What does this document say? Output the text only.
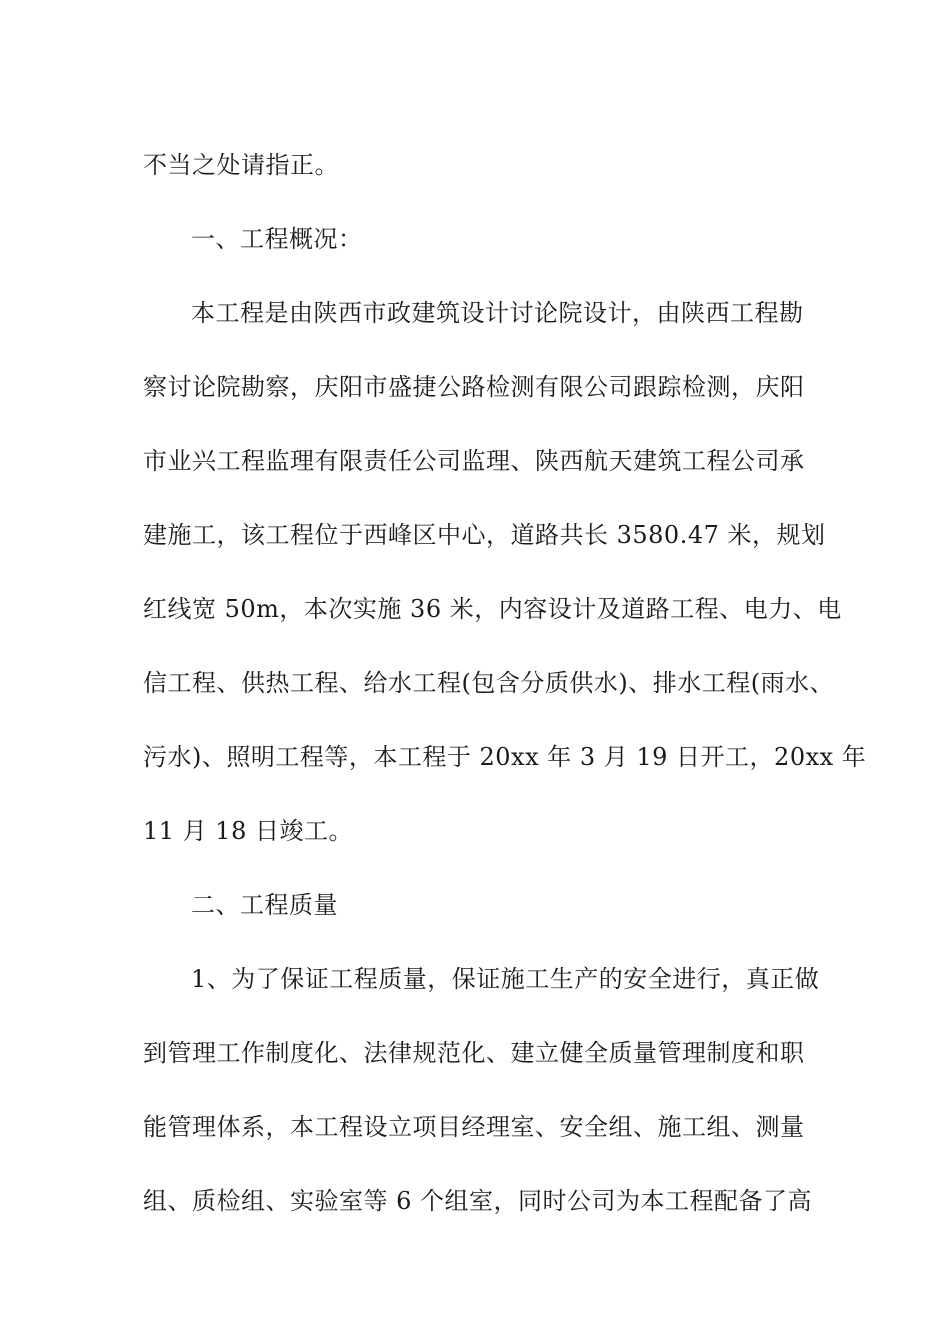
不当之处请指正。
一、工程概况：
本工程是由陕西市政建筑设计讨论院设计，由陕西工程勘
察讨论院勘察，庆阳市盛捷公路检测有限公司跟踪检测，庆阳
市业兴工程监理有限责任公司监理、陕西航天建筑工程公司承
建施工，该工程位于西峰区中心，道路共长 3580.47 米，规划
红线宽 50m，本次实施 36 米，内容设计及道路工程、电力、电
信工程、供热工程、给水工程(包含分质供水)、排水工程(雨水、
污水)、照明工程等，本工程于 20xx 年 3 月 19 日开工，20xx 年
11 月 18 日竣工。
二、工程质量
1、为了保证工程质量，保证施工生产的安全进行，真正做
到管理工作制度化、法律规范化、建立健全质量管理制度和职
能管理体系，本工程设立项目经理室、安全组、施工组、测量
组、质检组、实验室等 6 个组室，同时公司为本工程配备了高
